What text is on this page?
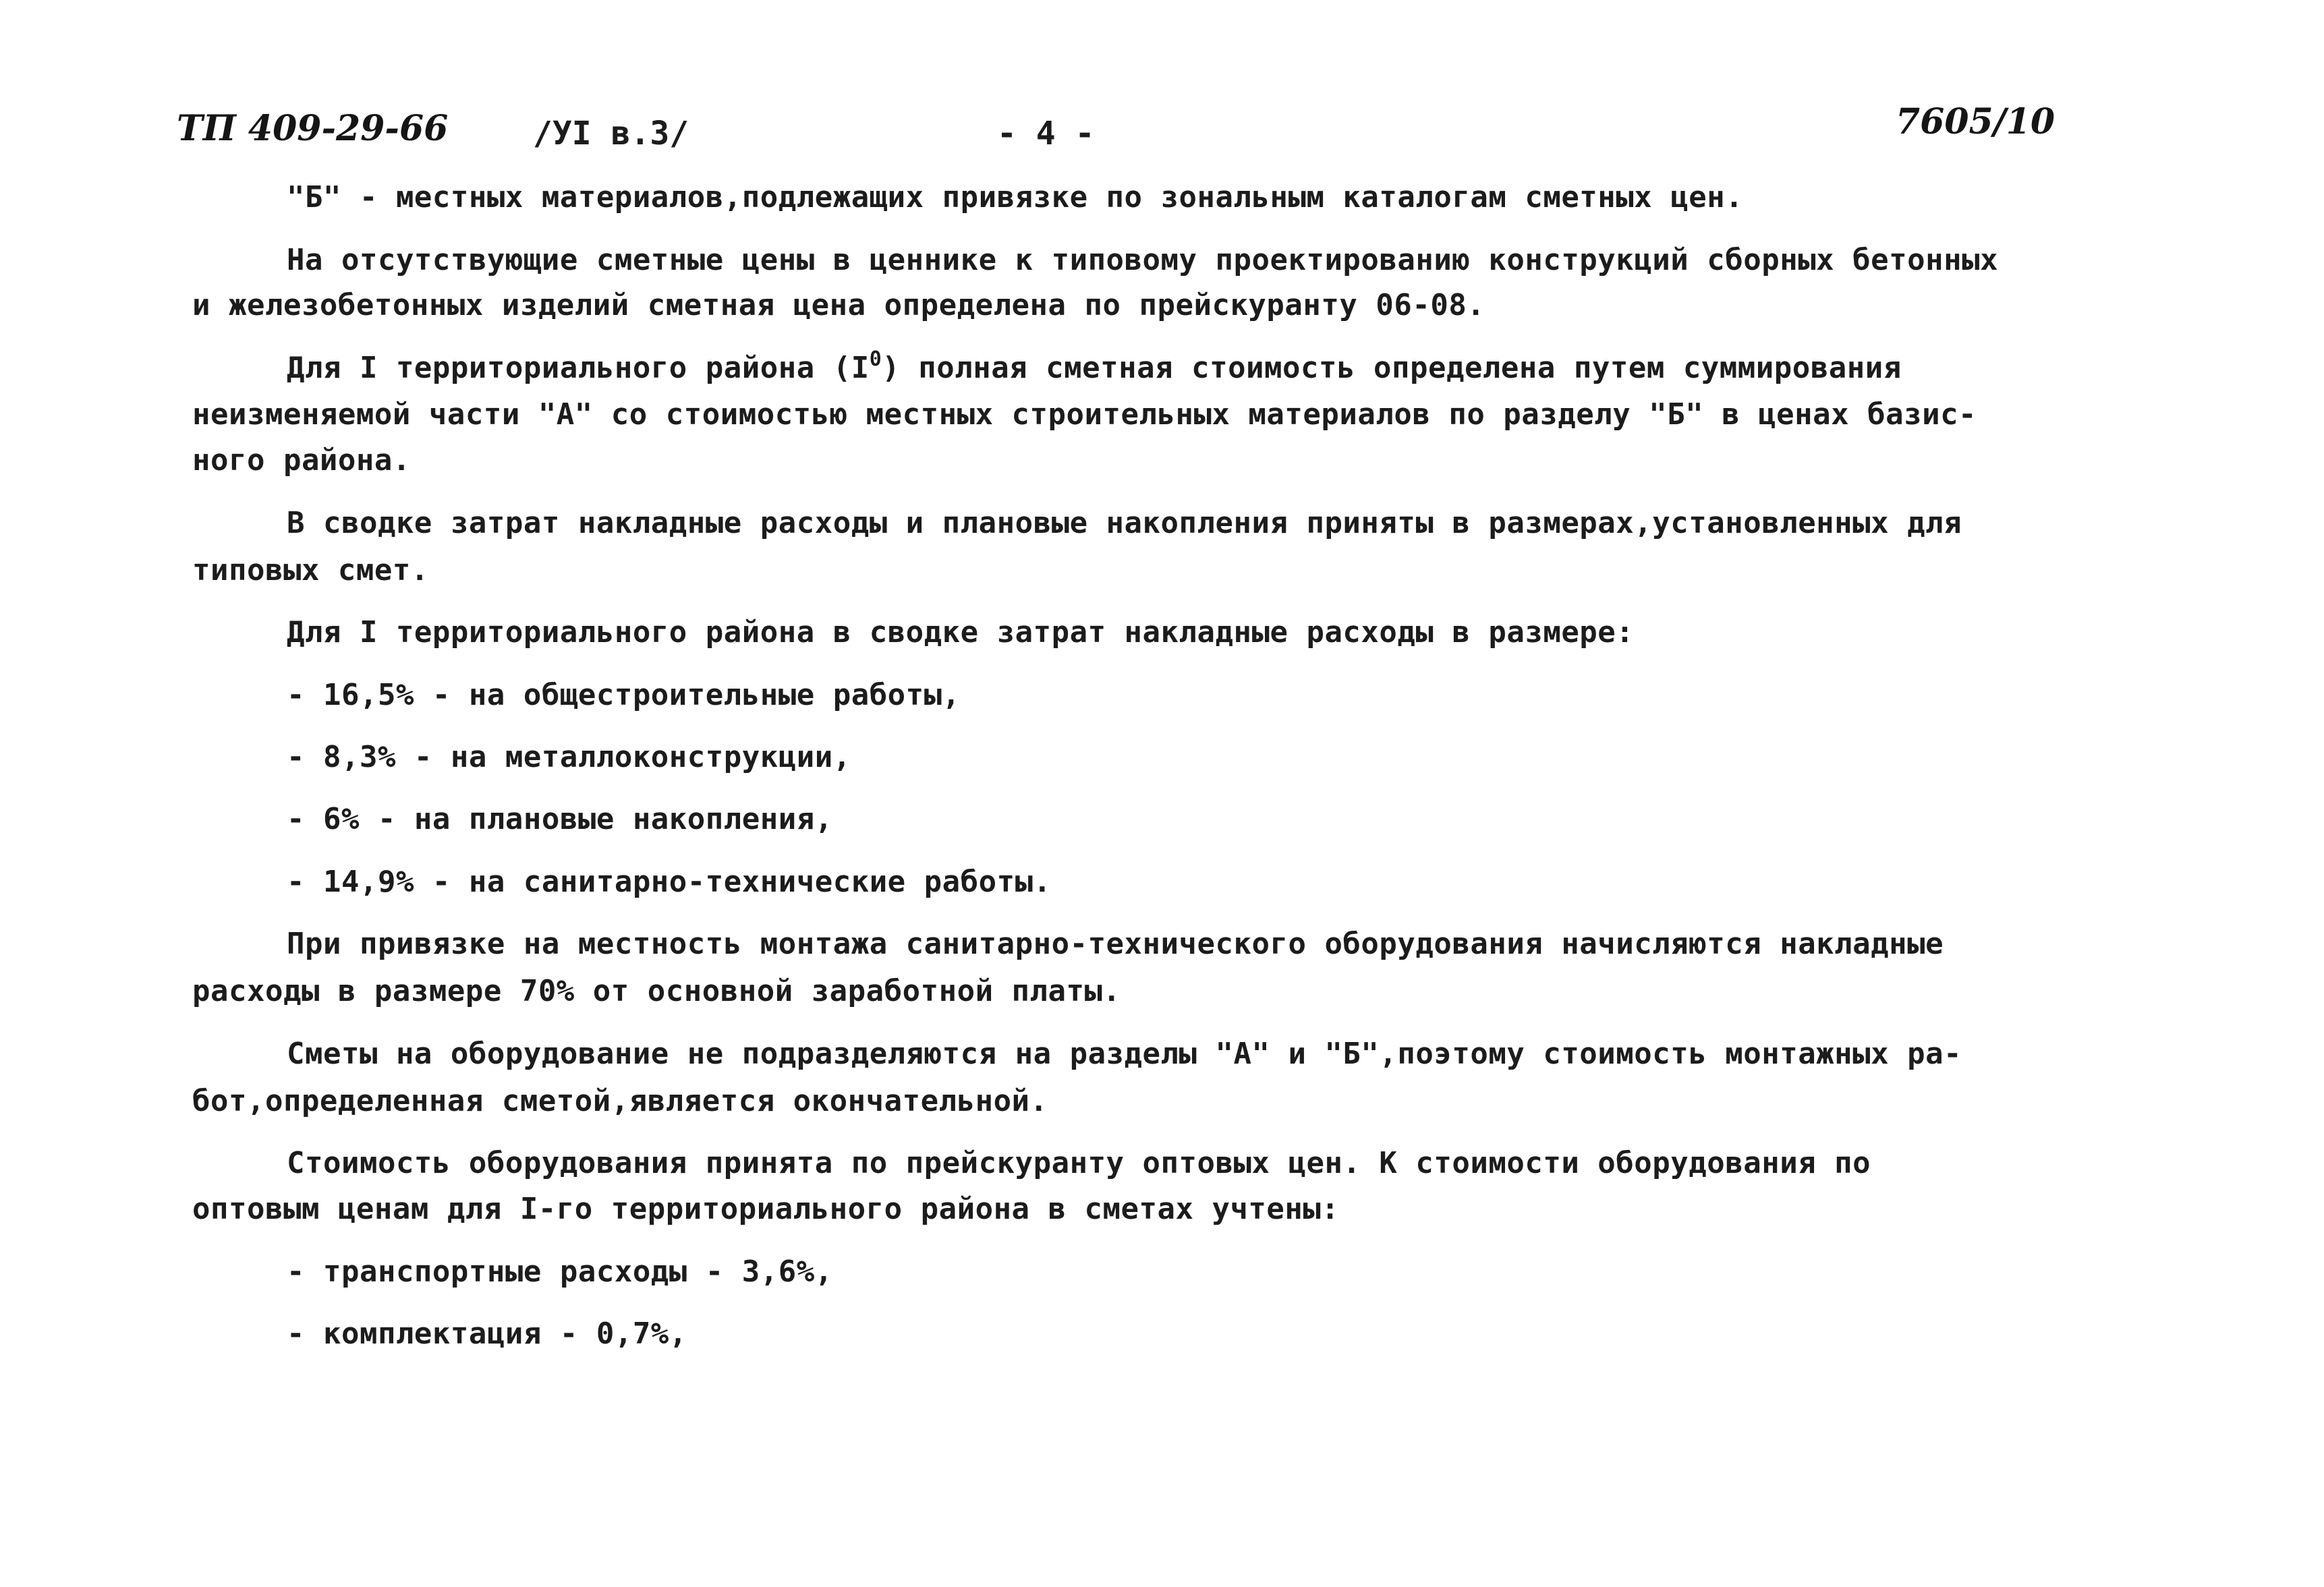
ТП 409-29-66	/УI в.3/	- 4 -	7605/10
"Б" - местных материалов,подлежащих привязке по зональным каталогам сметных цен.
На отсутствующие сметные цены в ценнике к типовому проектированию конструкций сборных бетонных
и железобетонных изделий сметная цена определена по прейскуранту 06-08.
Для I территориального района $(I^0)$ полная сметная стоимость определена путем суммирования
неизменяемой части "А" со стоимостью местных строительных материалов по разделу "Б" в ценах базис-
ного района.
В сводке затрат накладные расходы и плановые накопления приняты в размерах,установленных для
типовых смет.
Для I территориального района в сводке затрат накладные расходы в размере:
- 16,5% - на общестроительные работы,
- 8,3% - на металлоконструкции,
- 6% - на плановые накопления,
- 14,9% - на санитарно-технические работы.
При привязке на местность монтажа санитарно-технического оборудования начисляются накладные
расходы в размере 70% от основной заработной платы.
Сметы на оборудование не подразделяются на разделы "А" и "Б",поэтому стоимость монтажных ра-
бот,определенная сметой,является окончательной.
Стоимость оборудования принята по прейскуранту оптовых цен. К стоимости оборудования по
оптовым ценам для I-го территориального района в сметах учтены:
- транспортные расходы - 3,6%,
- комплектация - 0,7%,
